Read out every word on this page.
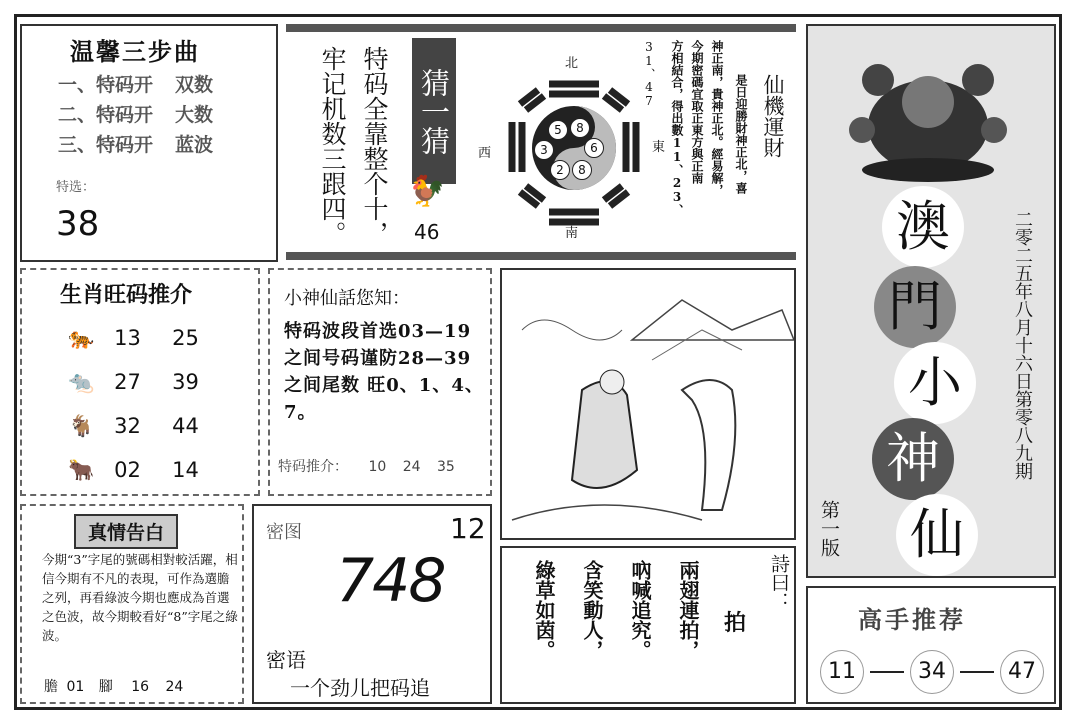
温馨三步曲
一、特码开 双数
二、特码开 大数
三、特码开 蓝波
特选：
38	牢记机数三跟四。 特码全靠整个十， 猜一猜
🐓
46
北
南
西	東
5	8
3	6
2	8
31、47 方相結合，得出數11、23、 今期密碼宜取正東方與正南 神正南，貴神正北。經易解， 是日迎勝財神正北，喜 仙機運財
澳
門
小
神
仙
二零二五年八月十六日第零八九期
第一版
生肖旺码推介
🐅 13 25
🐀 27 39
🐐 32 44
🐂 02 14
小神仙話您知：
特码波段首选03—19之间号码谨防28—39之间尾数 旺0、1、4、7。
特码推介： 10 24 35
真情告白
今期“3”字尾的號碼相對較活躍，相信今期有不凡的表現，可作為選膽之列，再看綠波今期也應成為首選之色波，故今期較看好“8”字尾之綠波。
膽 01 腳 16 24
密图	12
748
密语
一个劲儿把码追
綠草如茵。 含笑動人， 吶喊追究。 兩翅連拍， 拍
詩曰：
高手推荐
11	34	47
